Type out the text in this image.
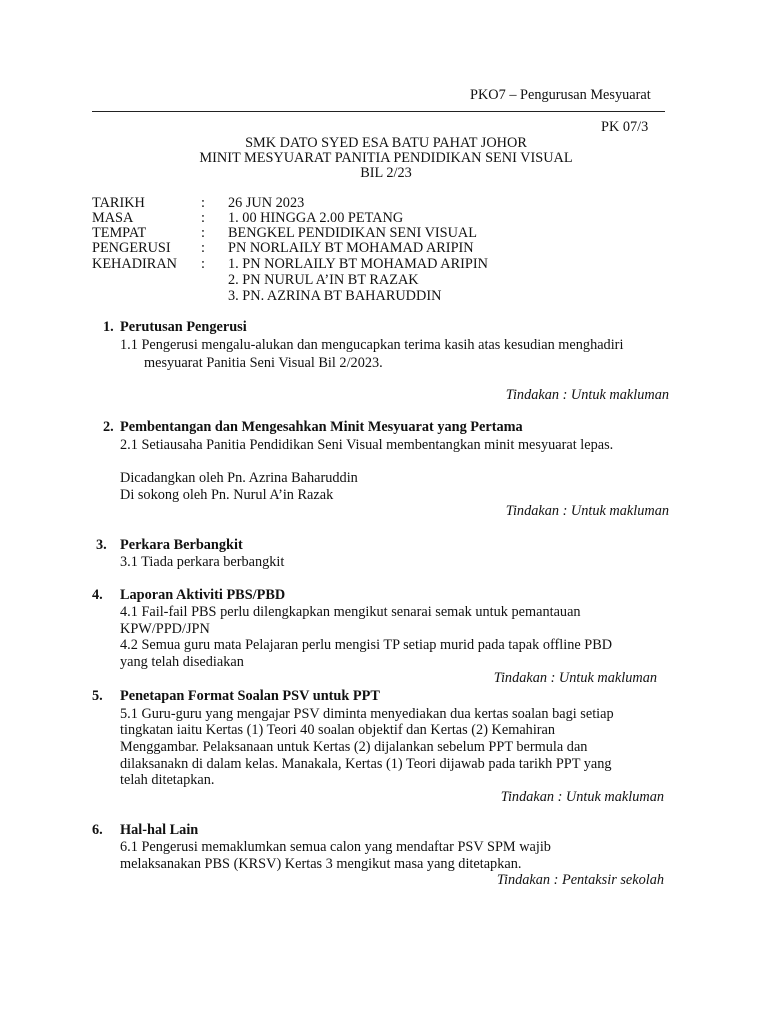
PKO7 – Pengurusan Mesyuarat
PK 07/3
SMK DATO SYED ESA BATU PAHAT JOHOR
MINIT MESYUARAT PANITIA PENDIDIKAN SENI VISUAL
BIL 2/23
TARIKH	: 26 JUN 2023
MASA	: 1. 00 HINGGA 2.00 PETANG
TEMPAT	: BENGKEL PENDIDIKAN SENI VISUAL
PENGERUSI : PN NORLAILY BT MOHAMAD ARIPIN
KEHADIRAN : 1. PN NORLAILY BT MOHAMAD ARIPIN
2. PN NURUL A’IN BT RAZAK
3. PN. AZRINA BT BAHARUDDIN
1. Perutusan Pengerusi
1.1 Pengerusi mengalu-alukan dan mengucapkan terima kasih atas kesudian menghadiri
mesyuarat Panitia Seni Visual Bil 2/2023.
Tindakan : Untuk makluman
2. Pembentangan dan Mengesahkan Minit Mesyuarat yang Pertama
2.1 Setiausaha Panitia Pendidikan Seni Visual membentangkan minit mesyuarat lepas.
Dicadangkan oleh Pn. Azrina Baharuddin
Di sokong oleh Pn. Nurul A’in Razak
Tindakan : Untuk makluman
3. Perkara Berbangkit
3.1 Tiada perkara berbangkit
4. Laporan Aktiviti PBS/PBD
4.1 Fail-fail PBS perlu dilengkapkan mengikut senarai semak untuk pemantauan
KPW/PPD/JPN
4.2 Semua guru mata Pelajaran perlu mengisi TP setiap murid pada tapak offline PBD
yang telah disediakan
Tindakan : Untuk makluman
5. Penetapan Format Soalan PSV untuk PPT
5.1 Guru-guru yang mengajar PSV diminta menyediakan dua kertas soalan bagi setiap
tingkatan iaitu Kertas (1) Teori 40 soalan objektif dan Kertas (2) Kemahiran
Menggambar. Pelaksanaan untuk Kertas (2) dijalankan sebelum PPT bermula dan
dilaksanakn di dalam kelas. Manakala, Kertas (1) Teori dijawab pada tarikh PPT yang
telah ditetapkan.
Tindakan : Untuk makluman
6. Hal-hal Lain
6.1 Pengerusi memaklumkan semua calon yang mendaftar PSV SPM wajib
melaksanakan PBS (KRSV) Kertas 3 mengikut masa yang ditetapkan.
Tindakan : Pentaksir sekolah
